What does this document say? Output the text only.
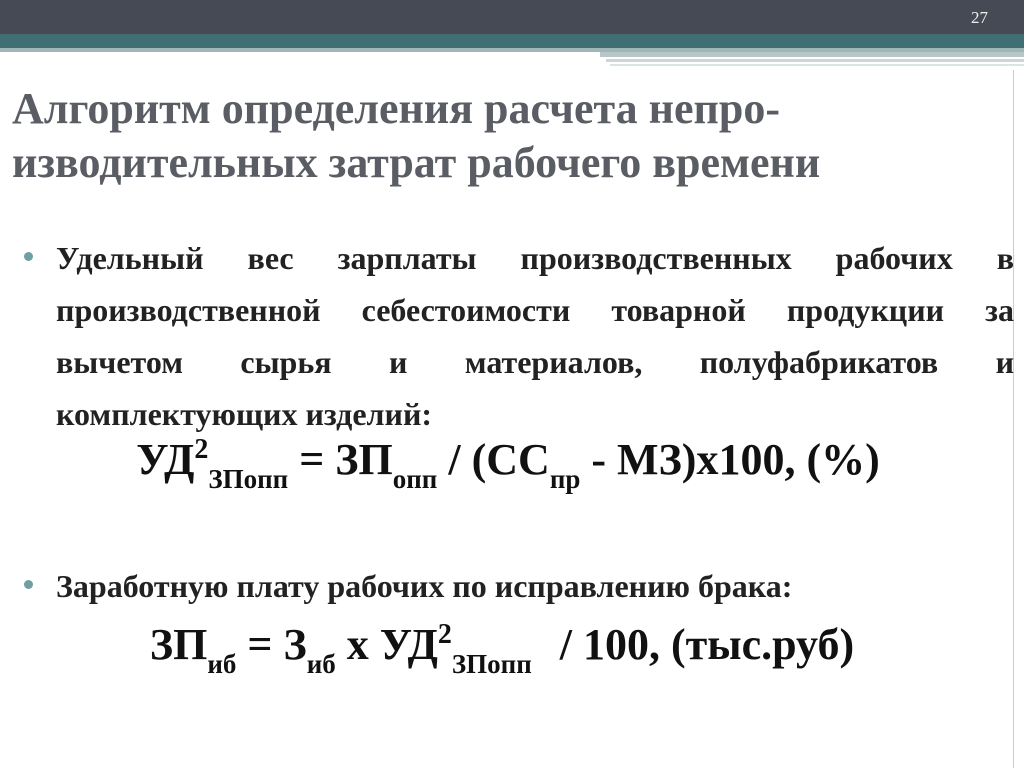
27
Алгоритм определения расчета непро-
изводительных затрат рабочего времени
Удельный вес зарплаты производственных рабочих в производственной себестоимости товарной продукции за вычетом сырья и материалов, полуфабрикатов и комплектующих изделий:
$УД^2_{ЗПопп} = ЗП_{опп} / (СС_{пр} - МЗ)х100$, (%)
Заработную плату рабочих по исправлению брака:
$ЗП_{иб} = З_{иб}$ х $УД^2_{ЗПопп} / 100$, (тыс.руб)
